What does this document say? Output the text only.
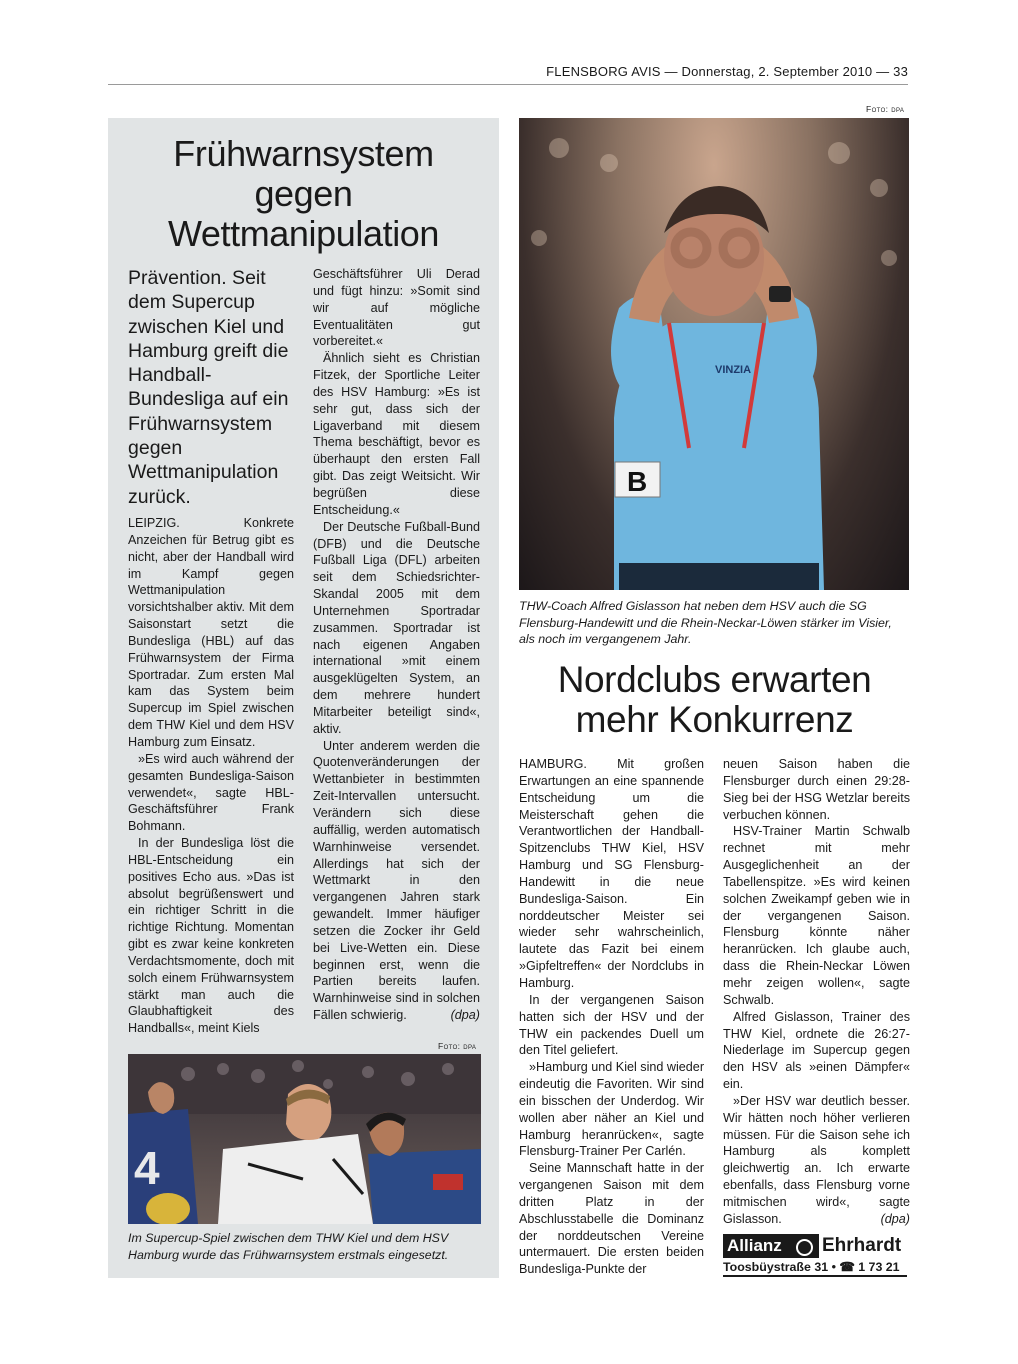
FLENSBORG AVIS — Donnerstag, 2. September 2010 — 33
Frühwarnsystem
gegen
Wettmanipulation

Prävention. Seit dem Supercup zwischen Kiel und Hamburg greift die Handball-Bundesliga auf ein Frühwarnsystem gegen Wettmanipulation zurück.

LEIPZIG. Konkrete Anzeichen für Betrug gibt es nicht, aber der Handball wird im Kampf gegen Wettmanipulation vorsichtshalber aktiv. Mit dem Saisonstart setzt die Bundesliga (HBL) auf das Frühwarnsystem der Firma Sportradar. Zum ersten Mal kam das System beim Supercup im Spiel zwischen dem THW Kiel und dem HSV Hamburg zum Einsatz.

»Es wird auch während der gesamten Bundesliga-Saison verwendet«, sagte HBL-Geschäftsführer Frank Bohmann.

In der Bundesliga löst die HBL-Entscheidung ein positives Echo aus. »Das ist absolut begrüßenswert und ein richtiger Schritt in die richtige Richtung. Momentan gibt es zwar keine konkreten Verdachtsmomente, doch mit solch einem Frühwarnsystem stärkt man auch die Glaubhaftigkeit des Handballs«, meint Kiels

Geschäftsführer Uli Derad und fügt hinzu: »Somit sind wir auf mögliche Eventualitäten gut vorbereitet.«

Ähnlich sieht es Christian Fitzek, der Sportliche Leiter des HSV Hamburg: »Es ist sehr gut, dass sich der Ligaverband mit diesem Thema beschäftigt, bevor es überhaupt den ersten Fall gibt. Das zeigt Weitsicht. Wir begrüßen diese Entscheidung.«

Der Deutsche Fußball-Bund (DFB) und die Deutsche Fußball Liga (DFL) arbeiten seit dem Schiedsrichter-Skandal 2005 mit dem Unternehmen Sportradar zusammen. Sportradar ist nach eigenen Angaben international »mit einem ausgeklügelten System, an dem mehrere hundert Mitarbeiter beteiligt sind«, aktiv.

Unter anderem werden die Quotenveränderungen der Wettanbieter in bestimmten Zeit-Intervallen untersucht. Verändern sich diese auffällig, werden automatisch Warnhinweise versendet. Allerdings hat sich der Wettmarkt in den vergangenen Jahren stark gewandelt. Immer häufiger setzen die Zocker ihr Geld bei Live-Wetten ein. Diese beginnen erst, wenn die Partien bereits laufen. Warnhinweise sind in solchen Fällen schwierig.	(dpa)

Foto: dpa
4

Im Supercup-Spiel zwischen dem THW Kiel und dem HSV Hamburg wurde das Frühwarnsystem erstmals eingesetzt.

Foto: dpa
B
VINZIA

THW-Coach Alfred Gislasson hat neben dem HSV auch die SG Flensburg-Handewitt und die Rhein-Neckar-Löwen stärker im Visier, als noch im vergangenem Jahr.

Nordclubs erwarten
mehr Konkurrenz

HAMBURG. Mit großen Erwartungen an eine spannende Entscheidung um die Meisterschaft gehen die Verantwortlichen der Handball-Spitzenclubs THW Kiel, HSV Hamburg und SG Flensburg-Handewitt in die neue Bundesliga-Saison. Ein norddeutscher Meister sei wieder sehr wahrscheinlich, lautete das Fazit bei einem »Gipfeltreffen« der Nordclubs in Hamburg.

In der vergangenen Saison hatten sich der HSV und der THW ein packendes Duell um den Titel geliefert.

»Hamburg und Kiel sind wieder eindeutig die Favoriten. Wir sind ein bisschen der Underdog. Wir wollen aber näher an Kiel und Hamburg heranrücken«, sagte Flensburg-Trainer Per Carlén.

Seine Mannschaft hatte in der vergangenen Saison mit dem dritten Platz in der Abschlusstabelle die Dominanz der norddeutschen Vereine untermauert. Die ersten beiden Bundesliga-Punkte der

neuen Saison haben die Flensburger durch einen 29:28-Sieg bei der HSG Wetzlar bereits verbuchen können.

HSV-Trainer Martin Schwalb rechnet mit mehr Ausgeglichenheit an der Tabellenspitze. »Es wird keinen solchen Zweikampf geben wie in der vergangenen Saison. Flensburg könnte näher heranrücken. Ich glaube auch, dass die Rhein-Neckar Löwen mehr zeigen wollen«, sagte Schwalb.

Alfred Gislasson, Trainer des THW Kiel, ordnete die 26:27-Niederlage im Supercup gegen den HSV als »einen Dämpfer« ein.

»Der HSV war deutlich besser. Wir hätten noch höher verlieren müssen. Für die Saison sehe ich Hamburg als komplett gleichwertig an. Ich erwarte ebenfalls, dass Flensburg vorne mitmischen wird«, sagte Gislasson.	(dpa)

Allianz	Ehrhardt
Toosbüystraße 31 • ☎ 1 73 21
